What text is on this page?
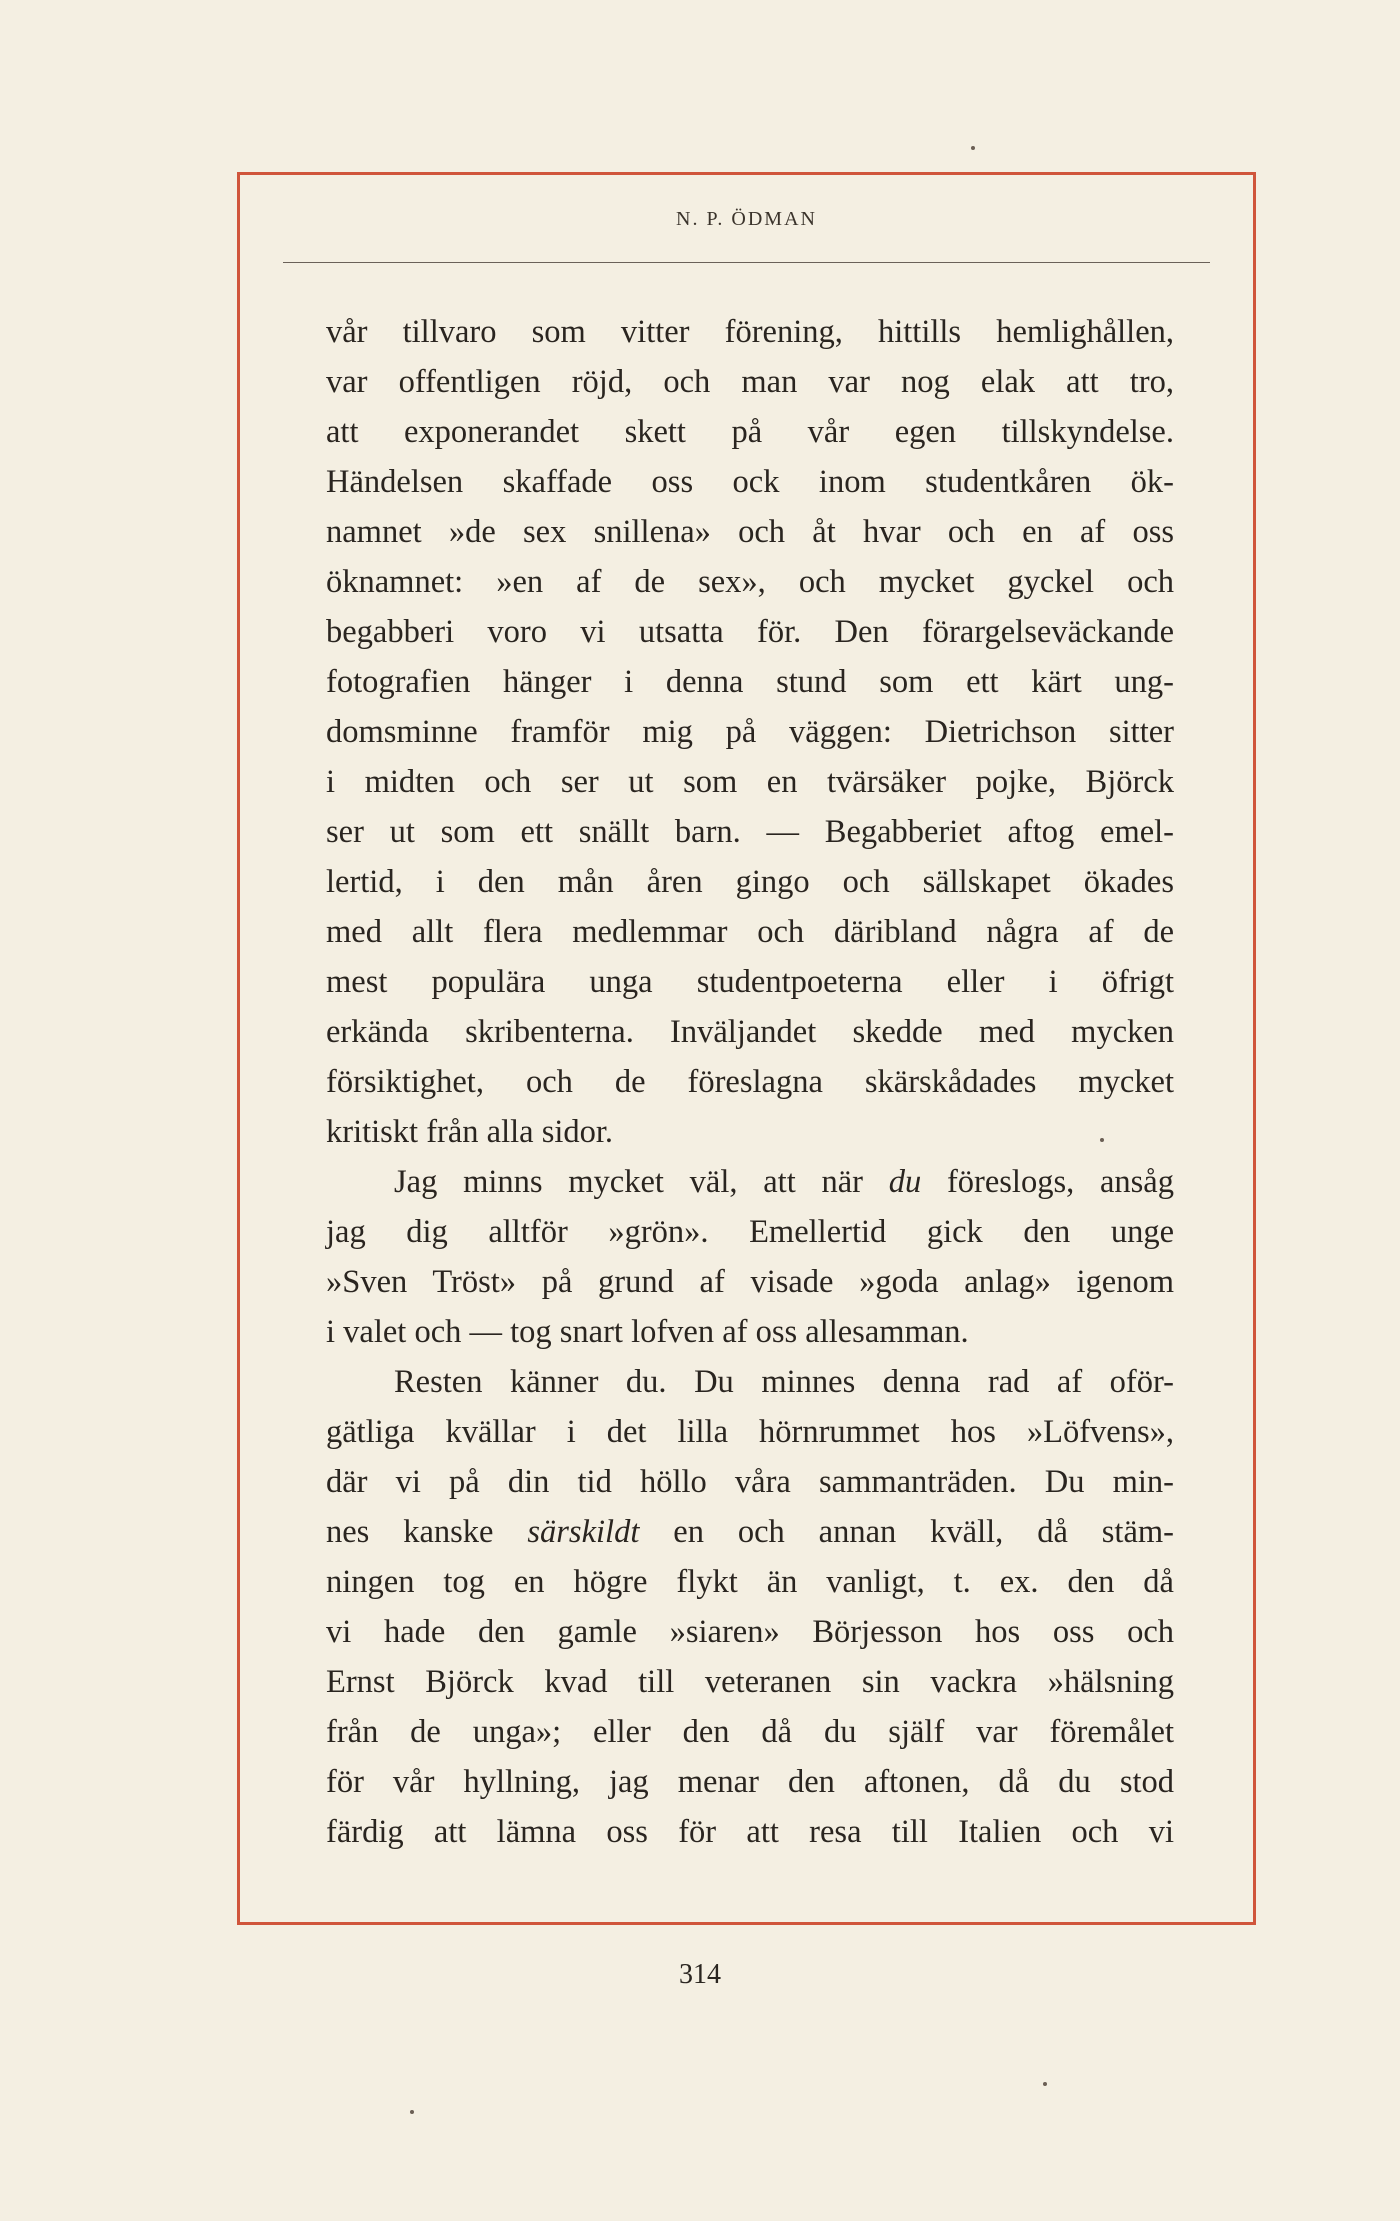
N. P. ÖDMAN
vår tillvaro som vitter förening, hittills hemlighållen,
var offentligen röjd, och man var nog elak att tro,
att exponerandet skett på vår egen tillskyndelse.
Händelsen skaffade oss ock inom studentkåren ök-
namnet »de sex snillena» och åt hvar och en af oss
öknamnet: »en af de sex», och mycket gyckel och
begabberi voro vi utsatta för. Den förargelseväckande
fotografien hänger i denna stund som ett kärt ung-
domsminne framför mig på väggen: Dietrichson sitter
i midten och ser ut som en tvärsäker pojke, Björck
ser ut som ett snällt barn. — Begabberiet aftog emel-
lertid, i den mån åren gingo och sällskapet ökades
med allt flera medlemmar och däribland några af de
mest populära unga studentpoeterna eller i öfrigt
erkända skribenterna. Inväljandet skedde med mycken
försiktighet, och de föreslagna skärskådades mycket
kritiskt från alla sidor.
Jag minns mycket väl, att när du föreslogs, ansåg
jag dig alltför »grön». Emellertid gick den unge
»Sven Tröst» på grund af visade »goda anlag» igenom
i valet och — tog snart lofven af oss allesamman.
Resten känner du. Du minnes denna rad af oför-
gätliga kvällar i det lilla hörnrummet hos »Löfvens»,
där vi på din tid höllo våra sammanträden. Du min-
nes kanske särskildt en och annan kväll, då stäm-
ningen tog en högre flykt än vanligt, t. ex. den då
vi hade den gamle »siaren» Börjesson hos oss och
Ernst Björck kvad till veteranen sin vackra »hälsning
från de unga»; eller den då du själf var föremålet
för vår hyllning, jag menar den aftonen, då du stod
färdig att lämna oss för att resa till Italien och vi
314
